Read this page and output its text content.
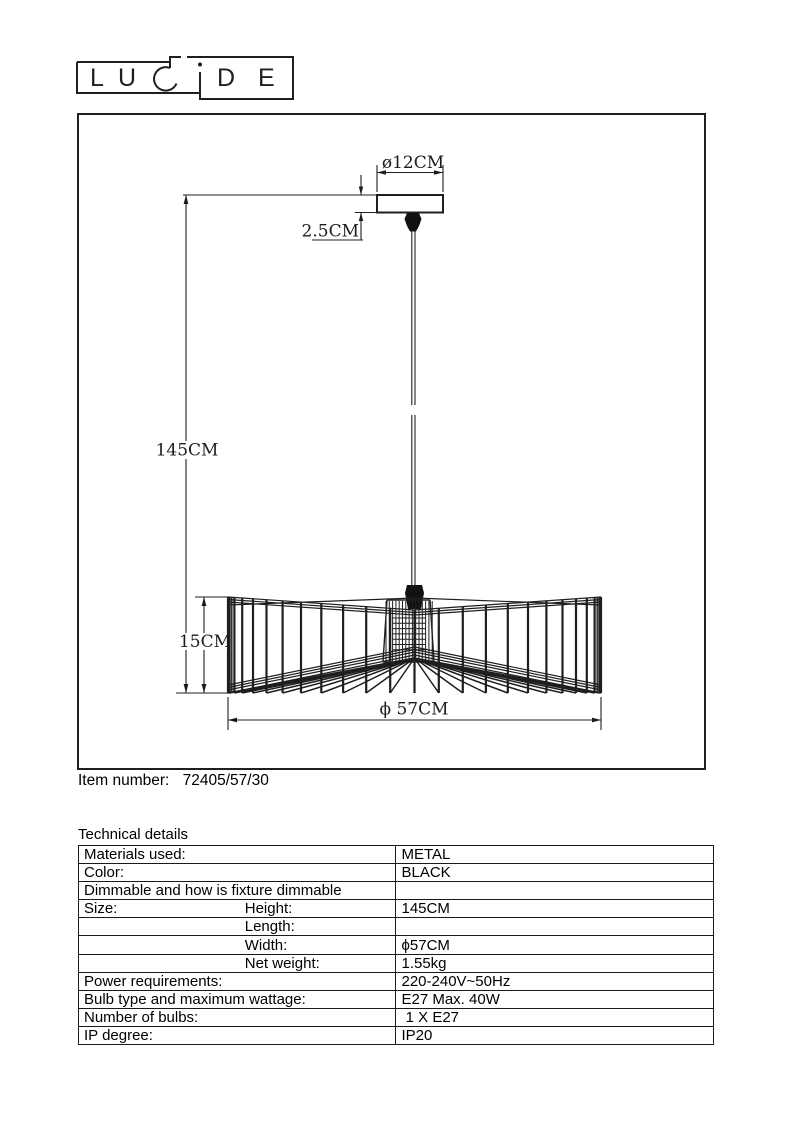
L U	D E
ø12CM
2.5CM
145CM
15CM
ϕ 57CM
Item number: 72405/57/30
Technical details
Materials used:		METAL
Color:		BLACK
Dimmable and how is fixture dimmable		
Size:	Height:	145CM
	Length:	
	Width:	ϕ57CM
	Net weight:	1.55kg
Power requirements:		220-240V~50Hz
Bulb type and maximum wattage:		E27 Max. 40W
Number of bulbs:		1 X E27
IP degree:		IP20
